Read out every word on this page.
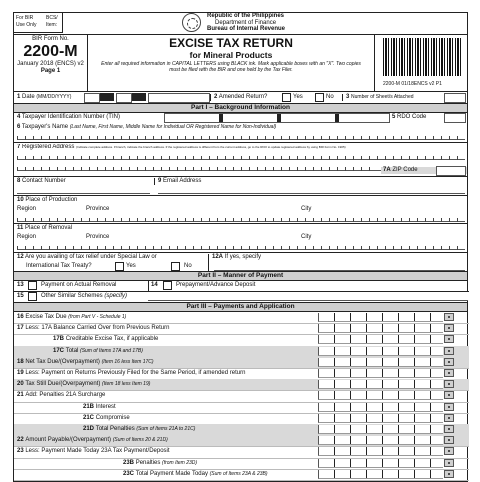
For BIR	BCS/
Use Only Item:
Republic of the Philippines
Department of Finance
Bureau of Internal Revenue
BIR Form No.
2200-M
January 2018 (ENCS) v2
Page 1
EXCISE TAX RETURN
for Mineral Products
Enter all required information in CAPITAL LETTERS using BLACK ink. Mark applicable boxes with an "X". Two copies must be filed with the BIR and one held by the Tax Filer.
2200-M 01/18ENCS v2 P1
1 Date (MM/DD/YYYY)	2 Amended Return?	Yes	No	3 Number of Sheet/s Attached
Part I – Background Information
4 Taxpayer Identification Number (TIN)	5 RDO Code
6 Taxpayer's Name (Last Name, First Name, Middle Name for Individual OR Registered Name for Non-Individual)
7 Registered Address (Indicate complete address. If branch, indicate the branch address. If the registered address is different from the current address, go to the RDO to update registered address by using BIR Form No. 1905)
7A ZIP Code
8 Contact Number	9 Email Address
10 Place of Production
Region	Province	City
11 Place of Removal
Region	Province	City
12 Are you availing of tax relief under Special Law or
International Tax Treaty?	Yes	No
12A If yes, specify
Part II – Manner of Payment
13	Payment on Actual Removal	14	Prepayment/Advance Deposit
15	Other Similar Schemes (specify)
Part III – Payments and Application
16 Excise Tax Due (from Part V - Schedule 1)
17 Less: 17A Balance Carried Over from Previous Return
17B Creditable Excise Tax, if applicable
17C Total (Sum of Items 17A and 17B)
18 Net Tax Due/(Overpayment) (Item 16 less Item 17C)
19 Less: Payment on Returns Previously Filed for the Same Period, if amended return
20 Tax Still Due/(Overpayment) (Item 18 less Item 19)
21 Add: Penalties 21A Surcharge
21B Interest
21C Compromise
21D Total Penalties (Sum of Items 21A to 21C)
22 Amount Payable/(Overpayment) (Sum of Items 20 & 21D)
23 Less: Payment Made Today 23A Tax Payment/Deposit
23B Penalties (from Item 23D)
23C Total Payment Made Today (Sum of Items 23A & 23B)
